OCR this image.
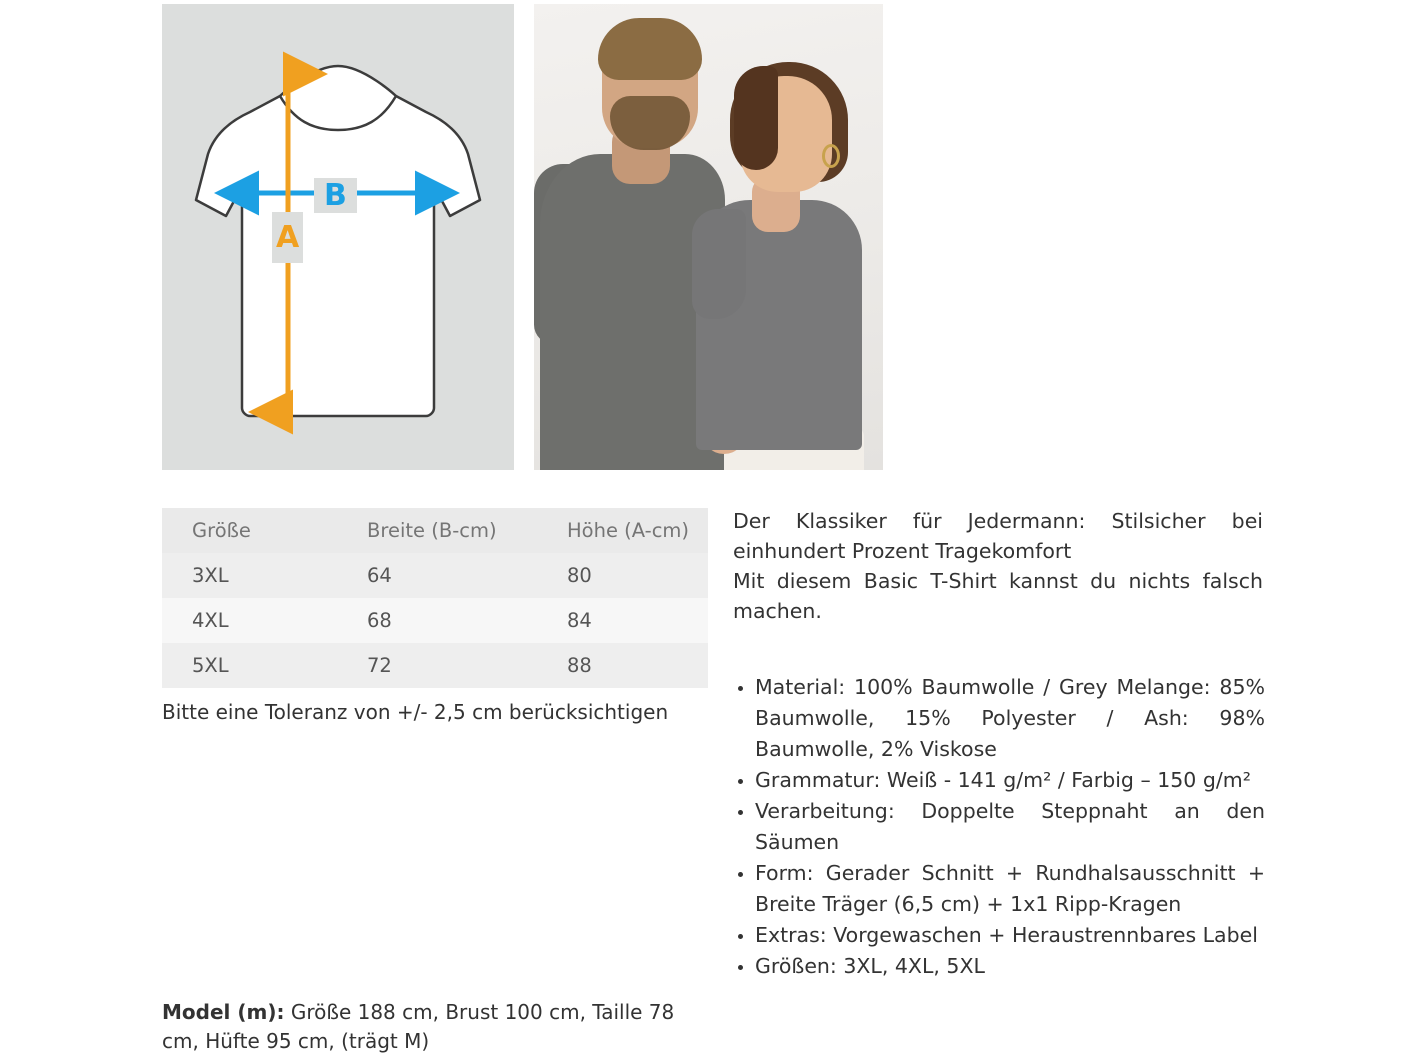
B
A
Größe	Breite (B-cm)	Höhe (A-cm)
3XL	64	80
4XL	68	84
5XL	72	88
Bitte eine Toleranz von +/- 2,5 cm berücksichtigen
Model (m): Größe 188 cm, Brust 100 cm, Taille 78 cm, Hüfte 95 cm, (trägt M)

Der Klassiker für Jedermann: Stilsicher bei einhundert Prozent Tragekomfort

Mit diesem Basic T-Shirt kannst du nichts falsch machen.

• Material: 100% Baumwolle / Grey Melange: 85% Baumwolle, 15% Polyester / Ash: 98% Baumwolle, 2% Viskose
• Grammatur: Weiß - 141 g/m² / Farbig – 150 g/m²
• Verarbeitung: Doppelte Steppnaht an den Säumen
• Form: Gerader Schnitt + Rundhalsausschnitt + Breite Träger (6,5 cm) + 1x1 Ripp-Kragen
• Extras: Vorgewaschen + Heraustrennbares Label
• Größen: 3XL, 4XL, 5XL
